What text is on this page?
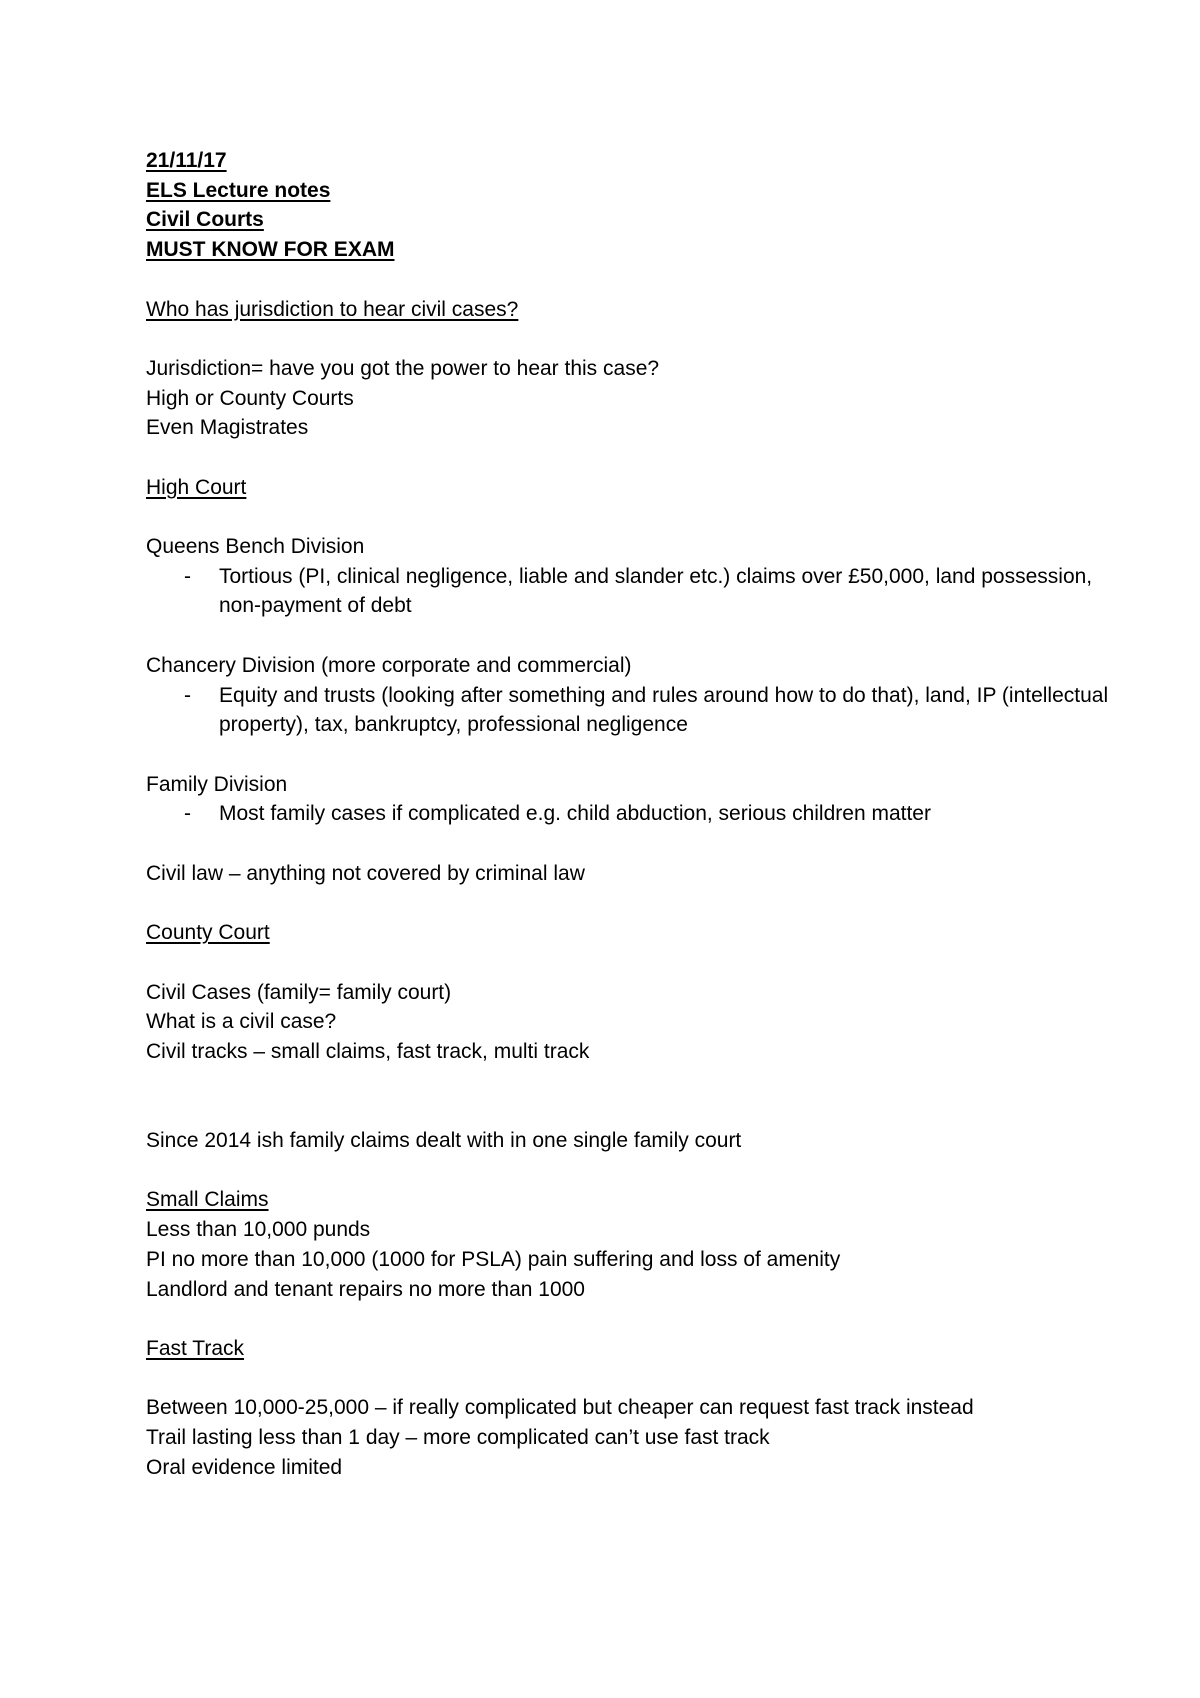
21/11/17
ELS Lecture notes
Civil Courts
MUST KNOW FOR EXAM
Who has jurisdiction to hear civil cases?
Jurisdiction= have you got the power to hear this case?
High or County Courts
Even Magistrates
High Court
Queens Bench Division
- Tortious (PI, clinical negligence, liable and slander etc.) claims over £50,000, land possession, non-payment of debt
Chancery Division (more corporate and commercial)
- Equity and trusts (looking after something and rules around how to do that), land, IP (intellectual property), tax, bankruptcy, professional negligence
Family Division
- Most family cases if complicated e.g. child abduction, serious children matter
Civil law – anything not covered by criminal law
County Court
Civil Cases (family= family court)
What is a civil case?
Civil tracks – small claims, fast track, multi track
Since 2014 ish family claims dealt with in one single family court
Small Claims
Less than 10,000 punds
PI no more than 10,000 (1000 for PSLA) pain suffering and loss of amenity
Landlord and tenant repairs no more than 1000
Fast Track
Between 10,000-25,000 – if really complicated but cheaper can request fast track instead
Trail lasting less than 1 day – more complicated can’t use fast track
Oral evidence limited
